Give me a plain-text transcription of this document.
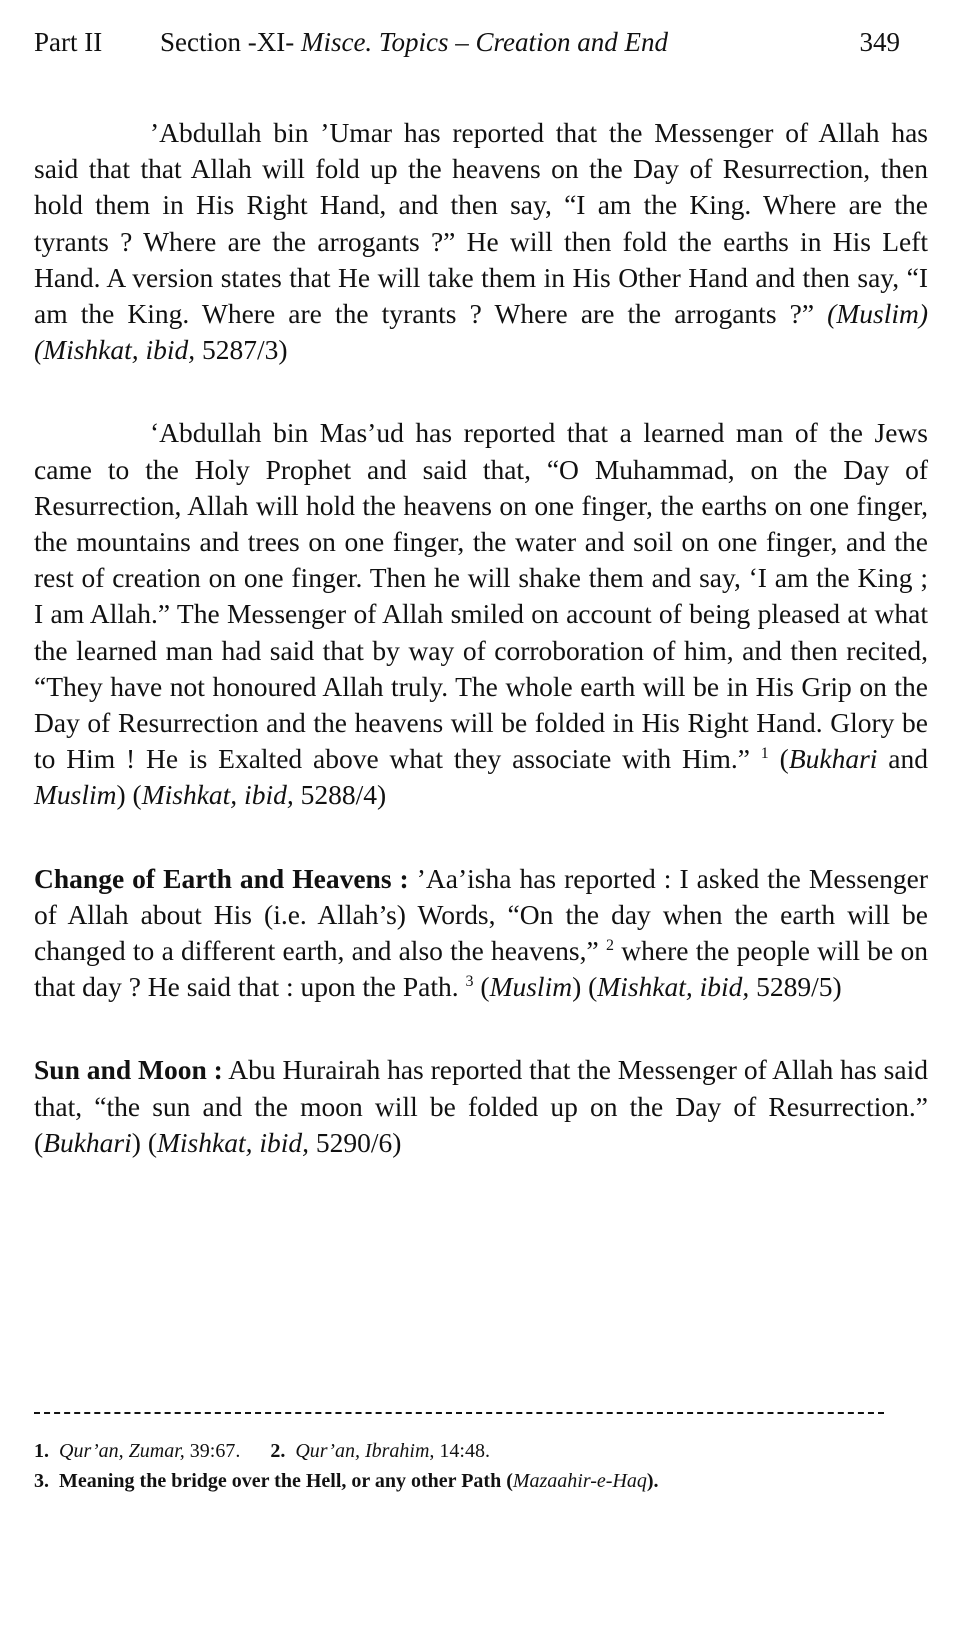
Part II	Section -XI- Misce. Topics – Creation and End	349

’Abdullah bin ’Umar has reported that the Messenger of Allah has said that that Allah will fold up the heavens on the Day of Resurrection, then hold them in His Right Hand, and then say, “I am the King. Where are the tyrants ? Where are the arrogants ?” He will then fold the earths in His Left Hand. A version states that He will take them in His Other Hand and then say, “I am the King. Where are the tyrants ? Where are the arrogants ?” (Muslim) (Mishkat, ibid, 5287/3)

‘Abdullah bin Mas’ud has reported that a learned man of the Jews came to the Holy Prophet and said that, “O Muhammad, on the Day of Resurrection, Allah will hold the heavens on one finger, the earths on one finger, the mountains and trees on one finger, the water and soil on one finger, and the rest of creation on one finger. Then he will shake them and say, ‘I am the King ; I am Allah.” The Messenger of Allah smiled on account of being pleased at what the learned man had said that by way of corroboration of him, and then recited, “They have not honoured Allah truly. The whole earth will be in His Grip on the Day of Resurrection and the heavens will be folded in His Right Hand. Glory be to Him ! He is Exalted above what they associate with Him.” $^1$ (Bukhari and Muslim) (Mishkat, ibid, 5288/4)

Change of Earth and Heavens : ’Aa’isha has reported : I asked the Messenger of Allah about His (i.e. Allah’s) Words, “On the day when the earth will be changed to a different earth, and also the heavens,” $^2$ where the people will be on that day ? He said that : upon the Path. $^3$ (Muslim) (Mishkat, ibid, 5289/5)

Sun and Moon : Abu Hurairah has reported that the Messenger of Allah has said that, “the sun and the moon will be folded up on the Day of Resurrection.” (Bukhari) (Mishkat, ibid, 5290/6)

1. Qur’an, Zumar, 39:67. 2. Qur’an, Ibrahim, 14:48.
3. Meaning the bridge over the Hell, or any other Path (Mazaahir-e-Haq).
